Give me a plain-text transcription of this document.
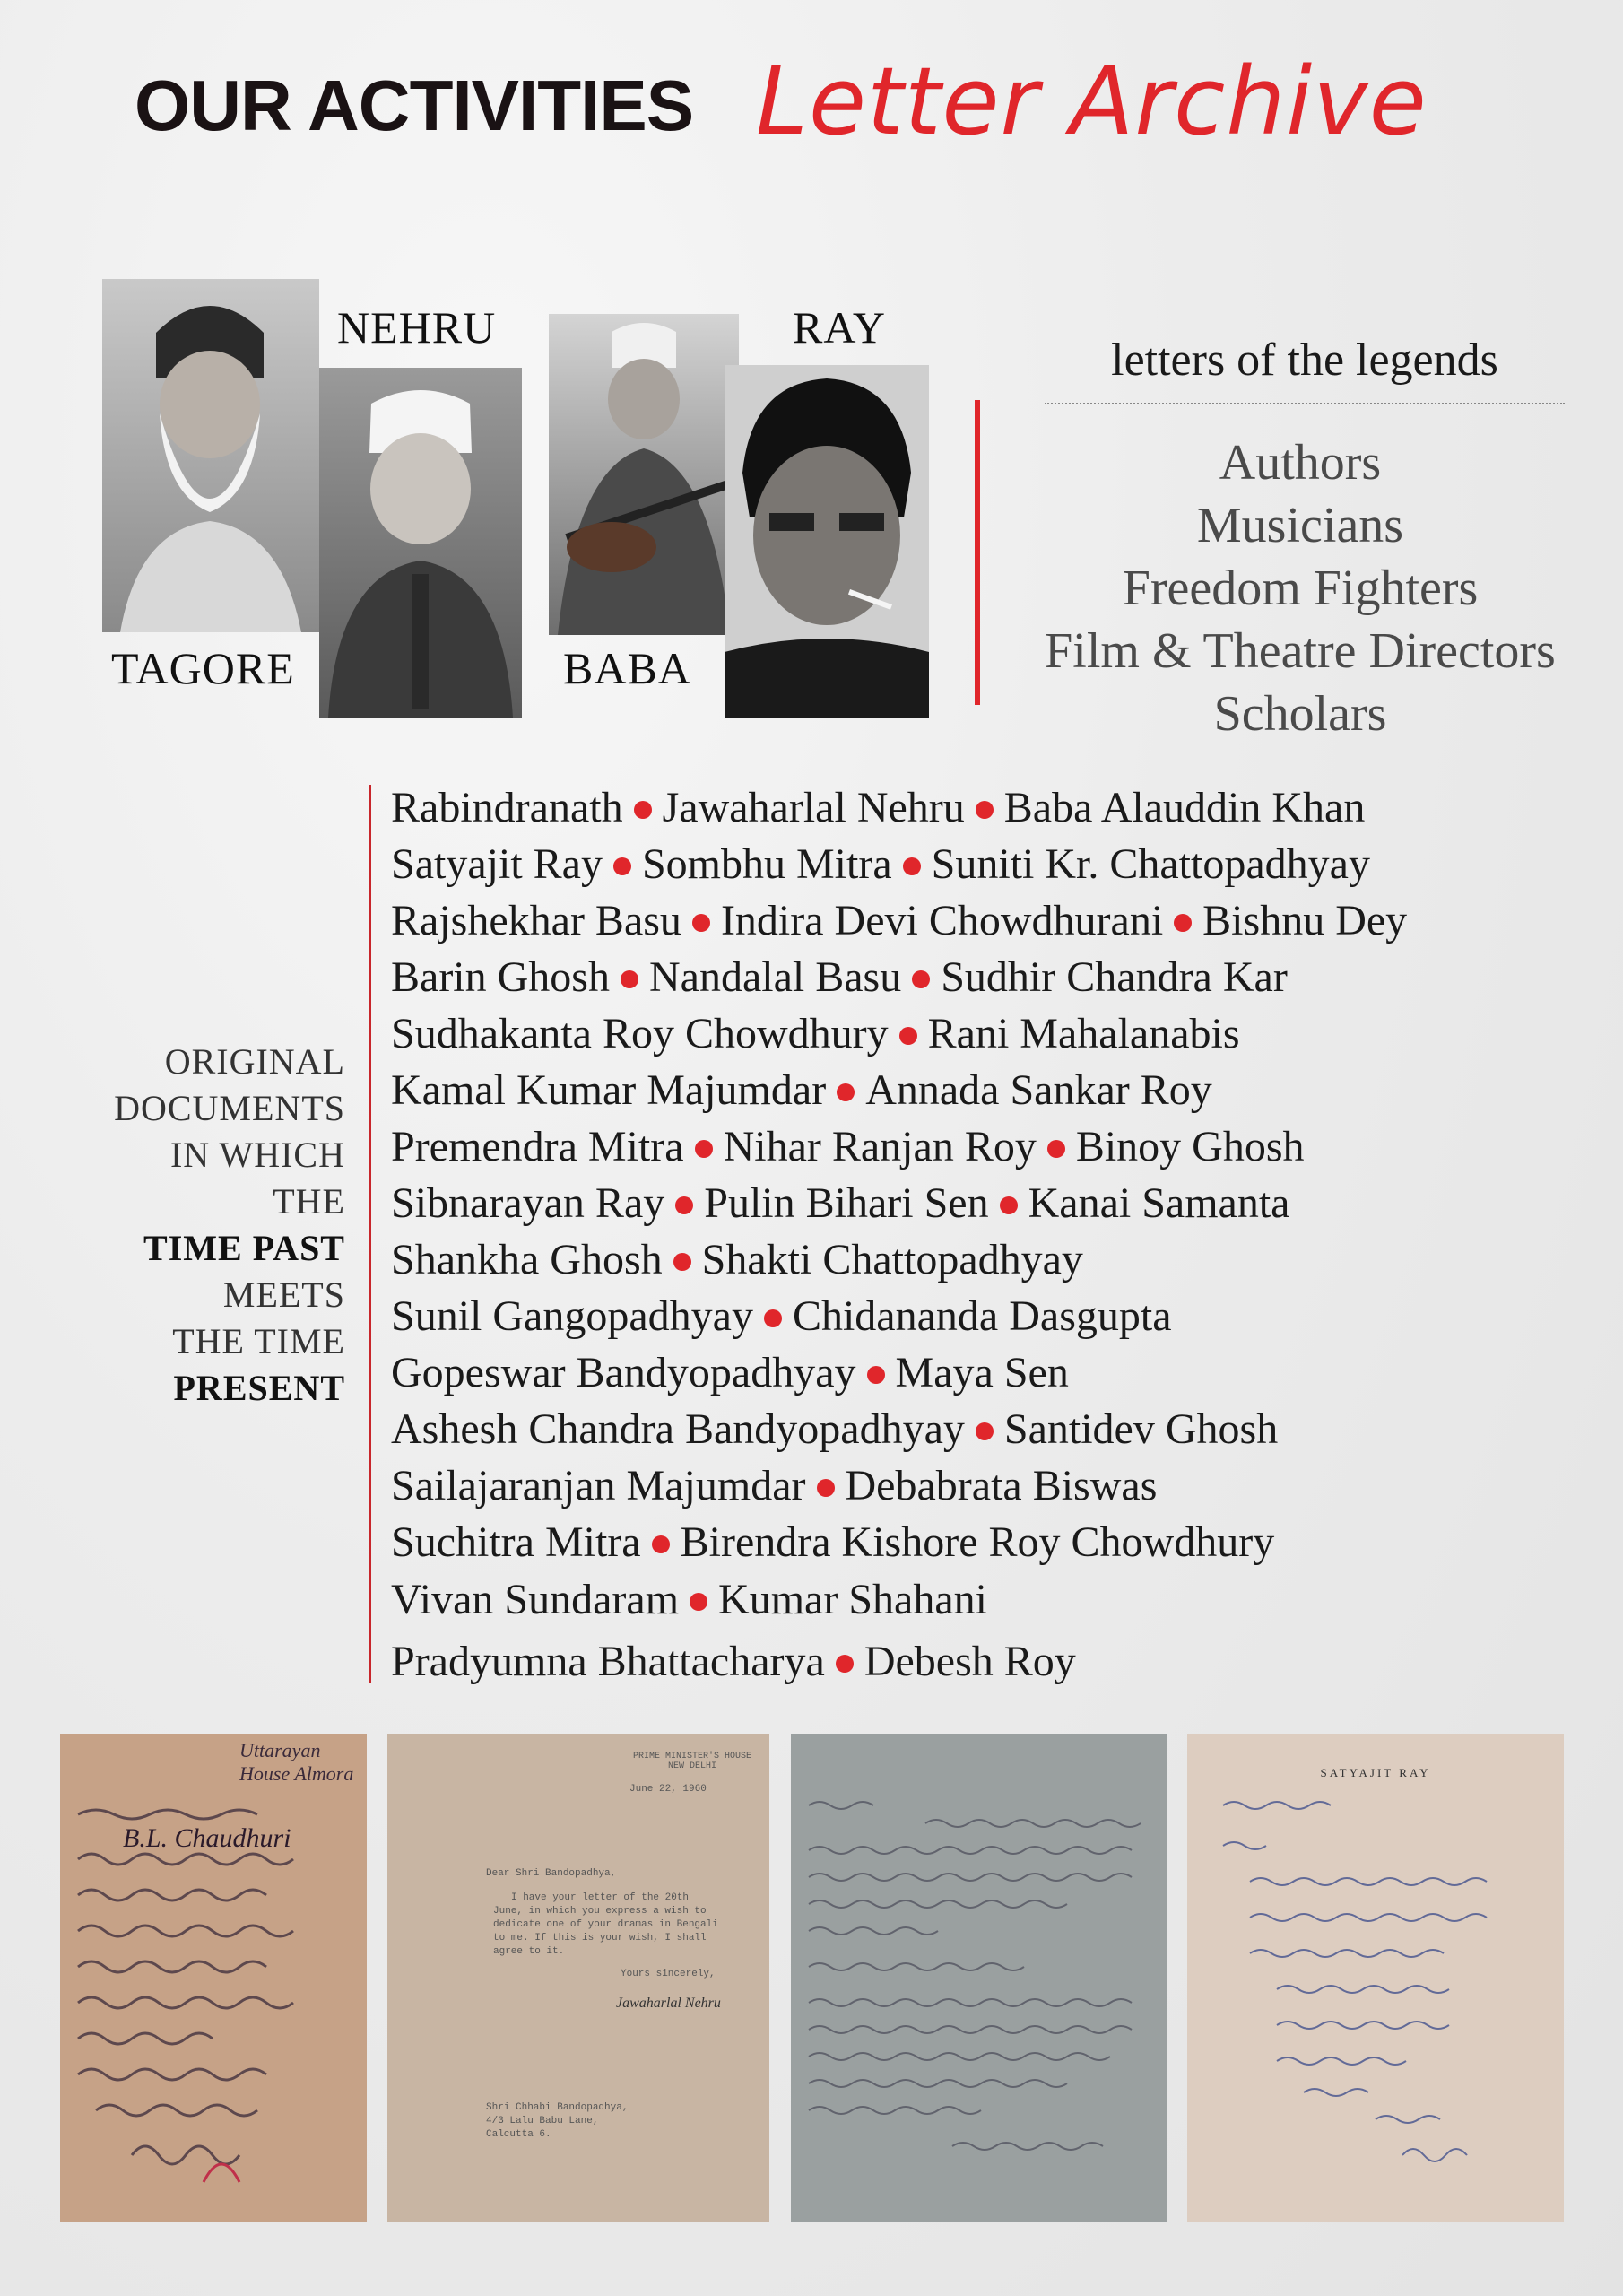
OUR ACTIVITIES Letter Archive
TAGORE
NEHRU
BABA
RAY
letters of the legends
Authors
Musicians
Freedom Fighters
Film & Theatre Directors
Scholars
ORIGINAL
DOCUMENTS
IN WHICH
THE
TIME PAST
MEETS
THE TIME
PRESENT
Rabindranath Jawaharlal Nehru Baba Alauddin Khan
Satyajit Ray Sombhu Mitra Suniti Kr. Chattopadhyay
Rajshekhar Basu Indira Devi Chowdhurani Bishnu Dey
Barin Ghosh Nandalal Basu Sudhir Chandra Kar
Sudhakanta Roy Chowdhury Rani Mahalanabis
Kamal Kumar Majumdar Annada Sankar Roy
Premendra Mitra Nihar Ranjan Roy Binoy Ghosh
Sibnarayan Ray Pulin Bihari Sen Kanai Samanta
Shankha Ghosh Shakti Chattopadhyay
Sunil Gangopadhyay Chidananda Dasgupta
Gopeswar Bandyopadhyay Maya Sen
Ashesh Chandra Bandyopadhyay Santidev Ghosh
Sailajaranjan Majumdar Debabrata Biswas
Suchitra Mitra Birendra Kishore Roy Chowdhury
Vivan Sundaram Kumar Shahani
Pradyumna Bhattacharya Debesh Roy
Uttarayan House Almora
B.L. Chaudhuri
PRIME MINISTER'S HOUSE NEW DELHI
June 22, 1960
Dear Shri Bandopadhya,
I have your letter of the 20th
June, in which you express a wish to
dedicate one of your dramas in Bengali
to me. If this is your wish, I shall
agree to it.
Yours sincerely,
Jawaharlal Nehru
Shri Chhabi Bandopadhya,
4/3 Lalu Babu Lane,
Calcutta 6.
SATYAJIT RAY
